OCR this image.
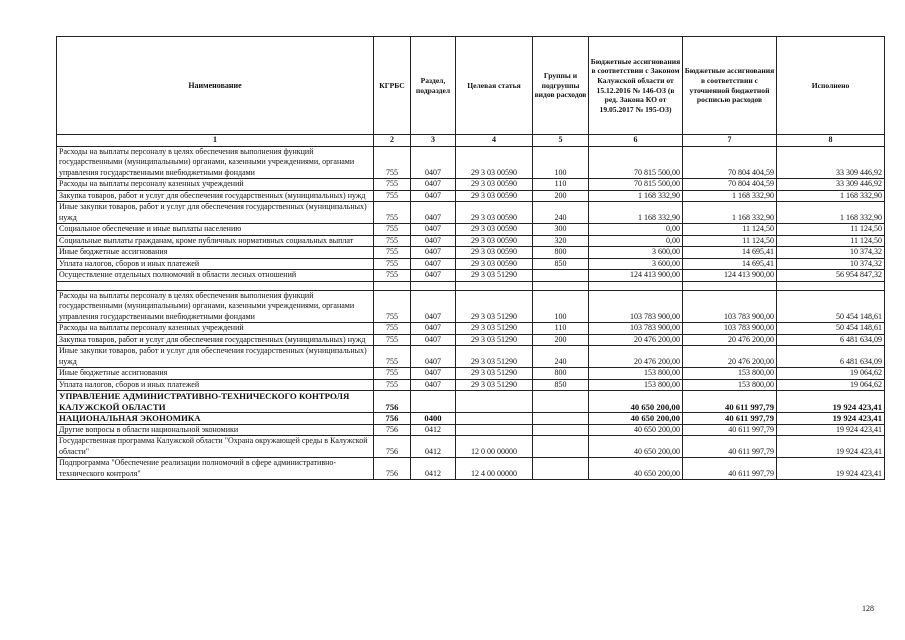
Наименование	КГРБС	Раздел, подраздел	Целевая статья	Группы и подгруппы видов расходов	Бюджетные ассигнования в соответствии с Законом Калужской области от 15.12.2016 № 146-ОЗ (в ред. Закона КО от 19.05.2017 № 195-ОЗ)	Бюджетные ассигнования в соответствии с уточненной бюджетной росписью расходов	Исполнено
1	2	3	4	5	6	7	8
Расходы на выплаты персоналу в целях обеспечения выполнения функций государственными (муниципальными) органами, казенными учреждениями, органами управления государственными внебюджетными фондами	755	0407	29 3 03 00590	100	70 815 500,00	70 804 404,59	33 309 446,92
Расходы на выплаты персоналу казенных учреждений	755	0407	29 3 03 00590	110	70 815 500,00	70 804 404,59	33 309 446,92
Закупка товаров, работ и услуг для обеспечения государственных (муниципальных) нужд	755	0407	29 3 03 00590	200	1 168 332,90	1 168 332,90	1 168 332,90
Иные закупки товаров, работ и услуг для обеспечения государственных (муниципальных) нужд	755	0407	29 3 03 00590	240	1 168 332,90	1 168 332,90	1 168 332,90
Социальное обеспечение и иные выплаты населению	755	0407	29 3 03 00590	300	0,00	11 124,50	11 124,50
Социальные выплаты гражданам, кроме публичных нормативных социальных выплат	755	0407	29 3 03 00590	320	0,00	11 124,50	11 124,50
Иные бюджетные ассигнования	755	0407	29 3 03 00590	800	3 600,00	14 695,41	10 374,32
Уплата налогов, сборов и иных платежей	755	0407	29 3 03 00590	850	3 600,00	14 695,41	10 374,32
Осуществление отдельных полномочий в области лесных отношений	755	0407	29 3 03 51290		124 413 900,00	124 413 900,00	56 954 847,32

Расходы на выплаты персоналу в целях обеспечения выполнения функций государственными (муниципальными) органами, казенными учреждениями, органами управления государственными внебюджетными фондами	755	0407	29 3 03 51290	100	103 783 900,00	103 783 900,00	50 454 148,61
Расходы на выплаты персоналу казенных учреждений	755	0407	29 3 03 51290	110	103 783 900,00	103 783 900,00	50 454 148,61
Закупка товаров, работ и услуг для обеспечения государственных (муниципальных) нужд	755	0407	29 3 03 51290	200	20 476 200,00	20 476 200,00	6 481 634,09
Иные закупки товаров, работ и услуг для обеспечения государственных (муниципальных) нужд	755	0407	29 3 03 51290	240	20 476 200,00	20 476 200,00	6 481 634,09
Иные бюджетные ассигнования	755	0407	29 3 03 51290	800	153 800,00	153 800,00	19 064,62
Уплата налогов, сборов и иных платежей	755	0407	29 3 03 51290	850	153 800,00	153 800,00	19 064,62
УПРАВЛЕНИЕ АДМИНИСТРАТИВНО-ТЕХНИЧЕСКОГО КОНТРОЛЯ КАЛУЖСКОЙ ОБЛАСТИ	756				40 650 200,00	40 611 997,79	19 924 423,41
НАЦИОНАЛЬНАЯ ЭКОНОМИКА	756	0400			40 650 200,00	40 611 997,79	19 924 423,41
Другие вопросы в области национальной экономики	756	0412			40 650 200,00	40 611 997,79	19 924 423,41
Государственная программа Калужской области "Охрана окружающей среды в Калужской области"	756	0412	12 0 00 00000		40 650 200,00	40 611 997,79	19 924 423,41
Подпрограмма "Обеспечение реализации полномочий в сфере административно-технического контроля"	756	0412	12 4 00 00000		40 650 200,00	40 611 997,79	19 924 423,41
128
